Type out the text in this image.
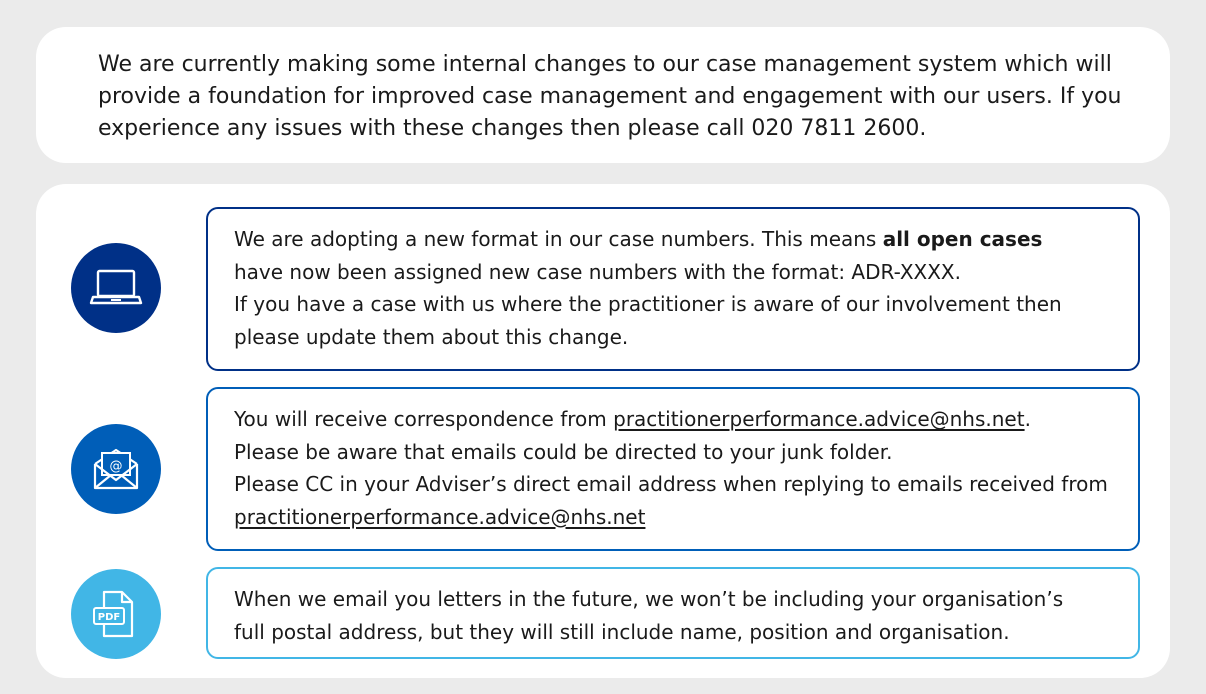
We are currently making some internal changes to our case management system which will provide a foundation for improved case management and engagement with our users. If you experience any issues with these changes then please call 020 7811 2600.

We are adopting a new format in our case numbers. This means all open cases

have now been assigned new case numbers with the format: ADR-XXXX.

If you have a case with us where the practitioner is aware of our involvement then

please update them about this change.

@

You will receive correspondence from practitionerperformance.advice@nhs.net.

Please be aware that emails could be directed to your junk folder.

Please CC in your Adviser’s direct email address when replying to emails received from

practitionerperformance.advice@nhs.net

PDF

When we email you letters in the future, we won’t be including your organisation’s

full postal address, but they will still include name, position and organisation.
